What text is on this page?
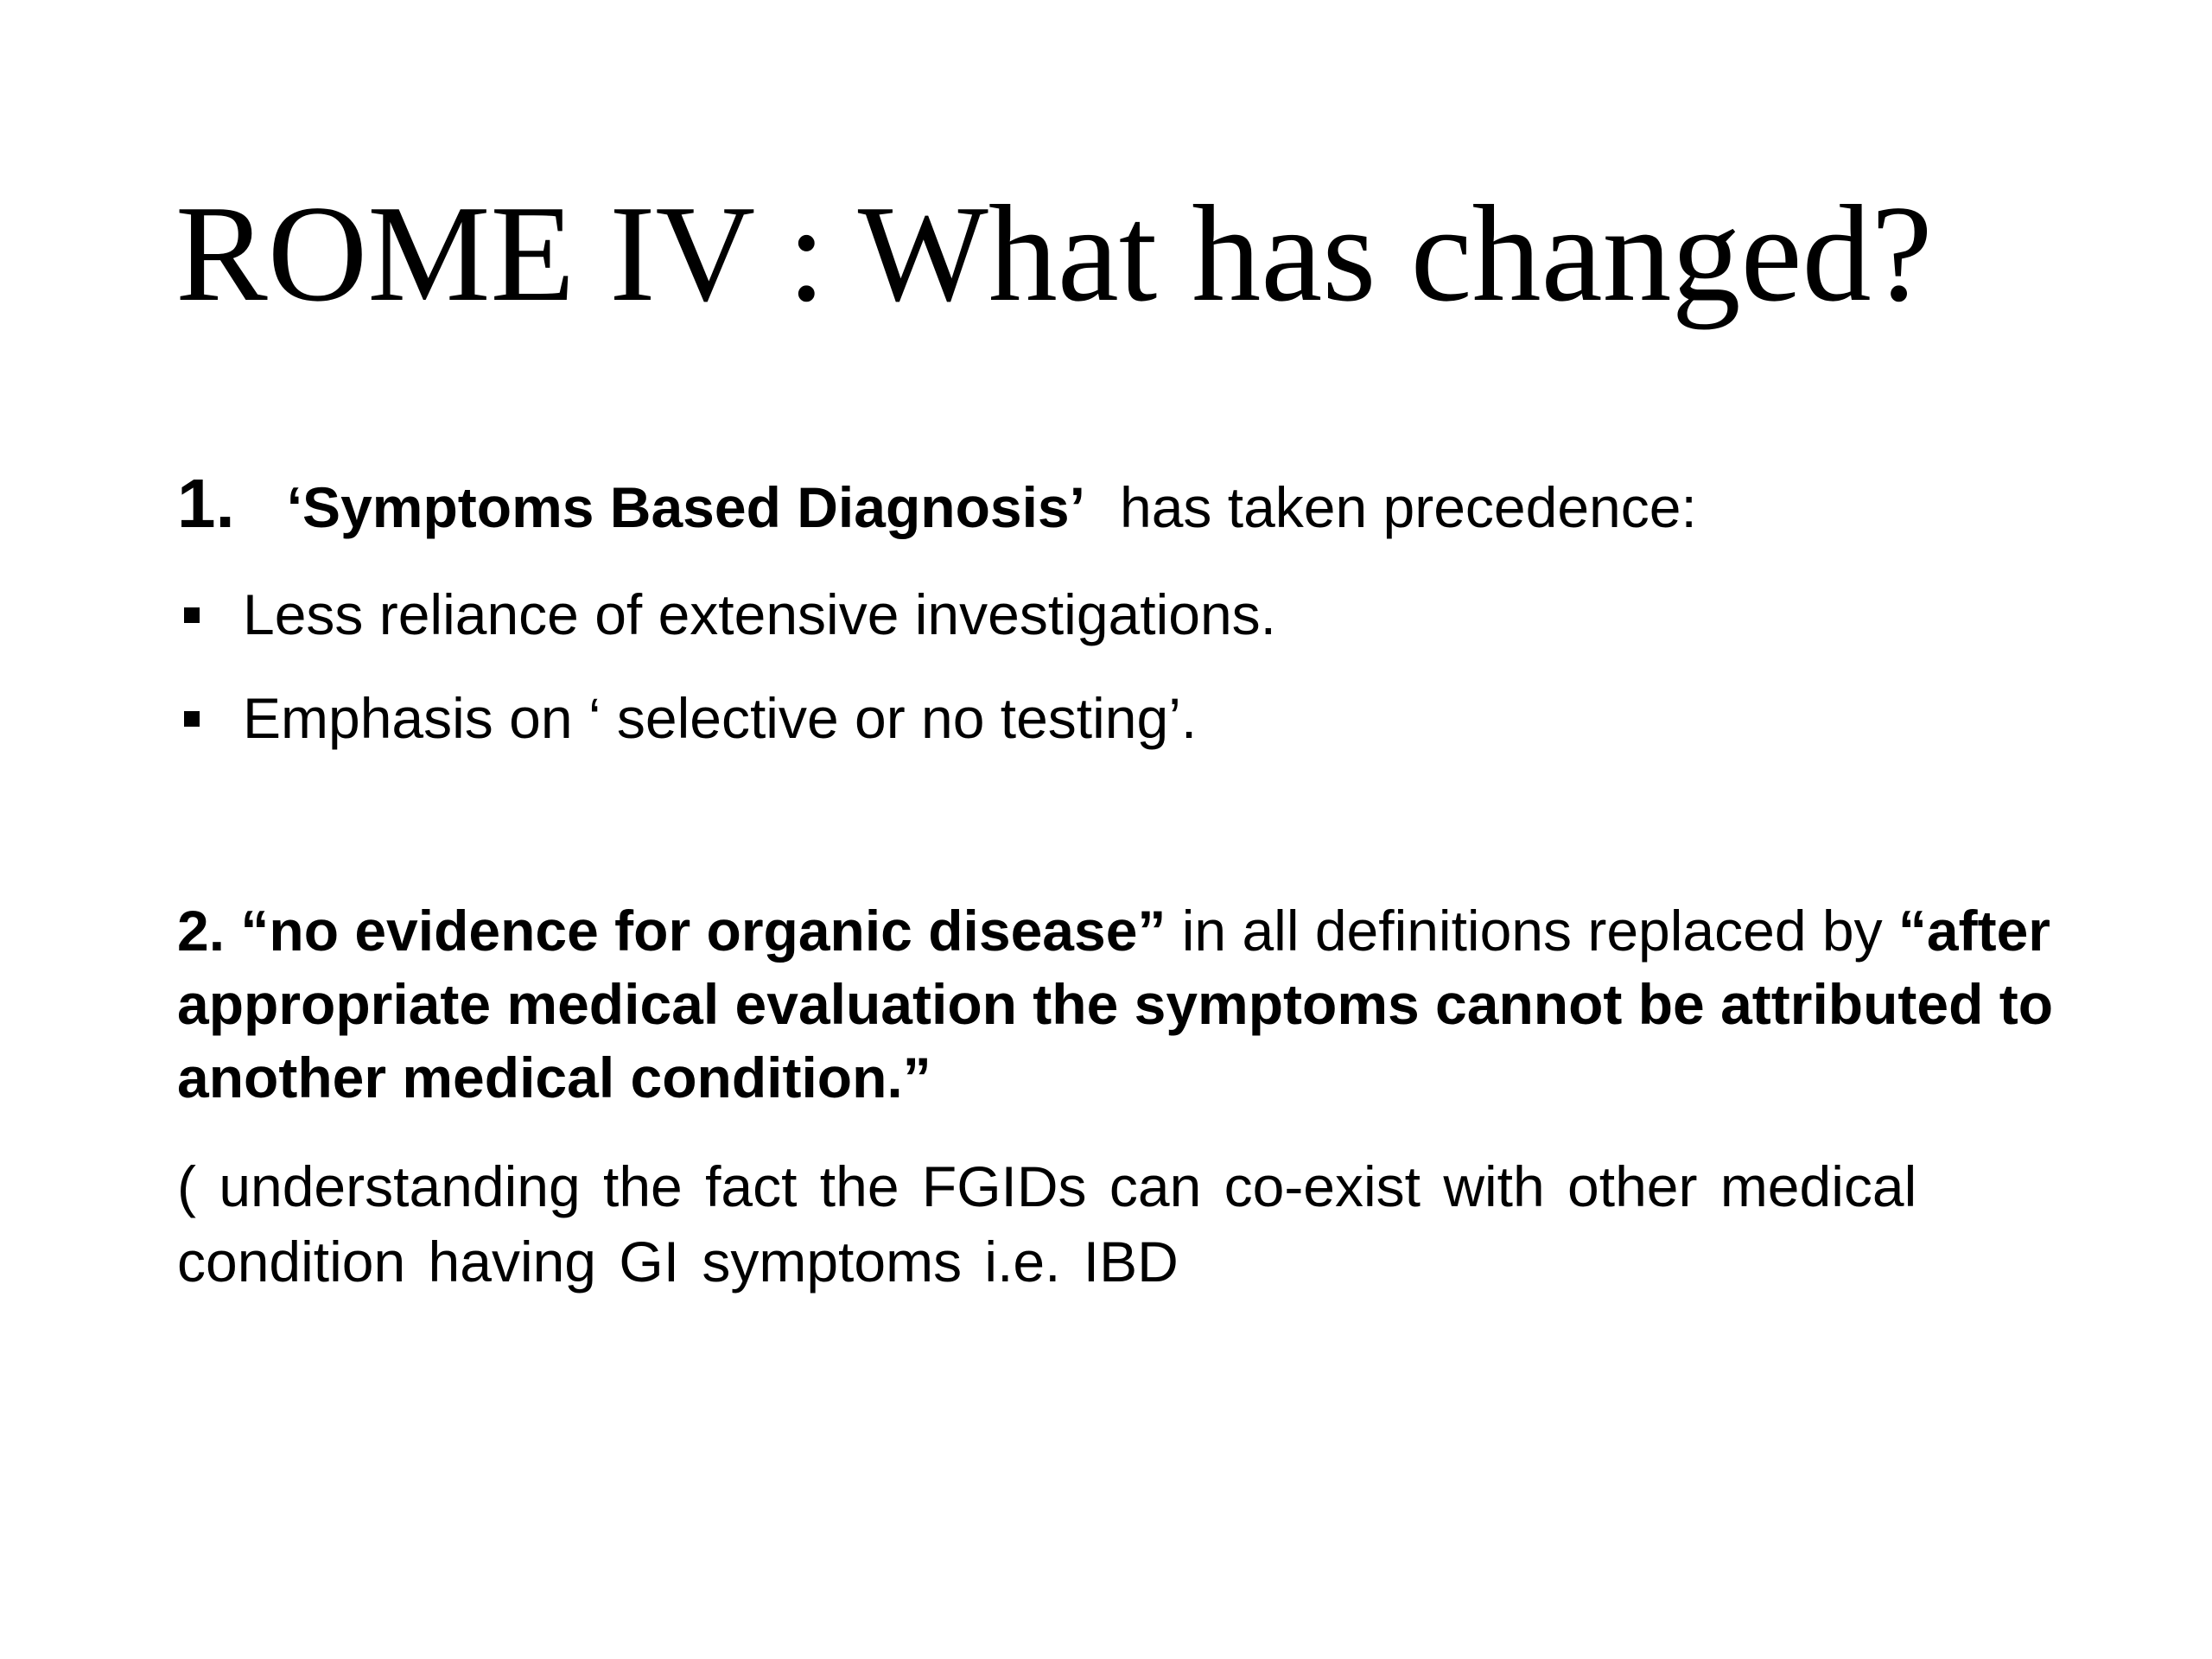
ROME IV : What has changed?
1. ‘Symptoms Based Diagnosis’ has taken precedence:
Less reliance of extensive investigations.
Emphasis on ‘ selective or no testing’.
2. “no evidence for organic disease” in all definitions replaced by “after appropriate medical evaluation the symptoms cannot be attributed to another medical condition.”
( understanding the fact the FGIDs can co-exist with other medical condition having GI symptoms i.e. IBD
